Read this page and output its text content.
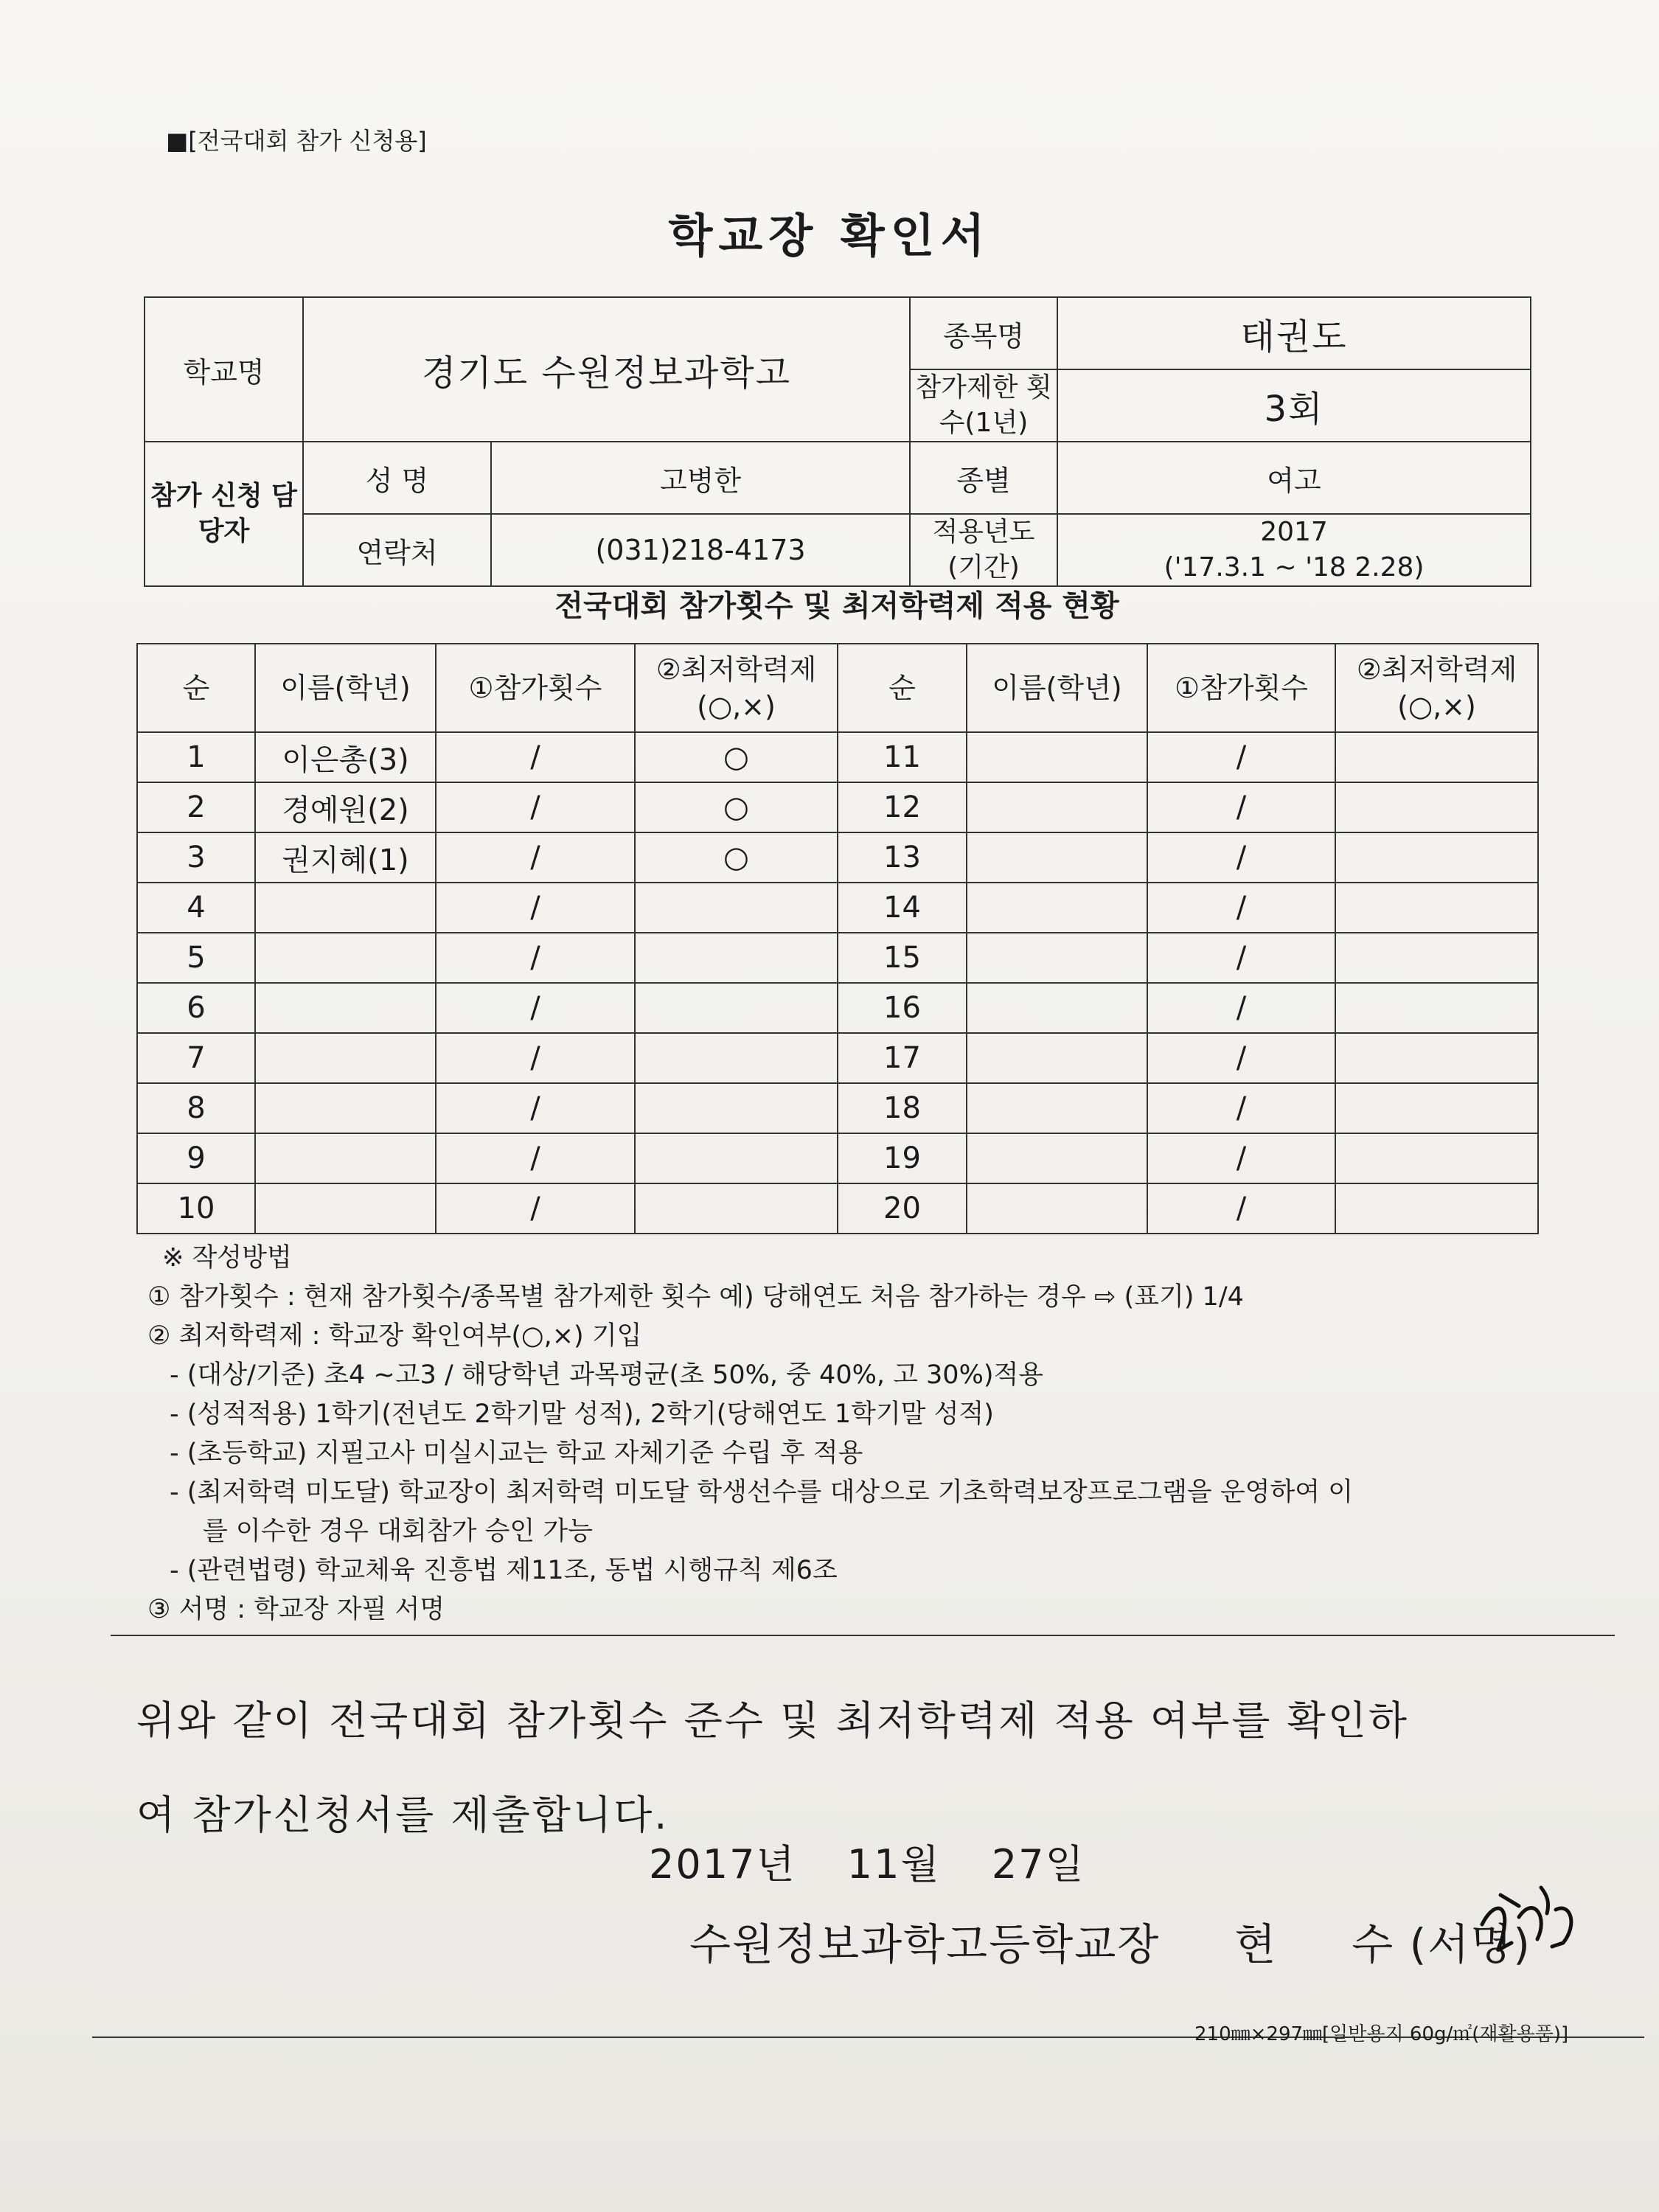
■[전국대회 참가 신청용]
학교장 확인서
학교명	경기도 수원정보과학고		종목명	태권도
			참가제한 횟수(1년)	3회
참가 신청 담당자	성 명	고병한	종별	여고
	연락처	(031)218-4173	적용년도 (기간)	2017
('17.3.1 ~ '18 2.28)
전국대회 참가횟수 및 최저학력제 적용 현황
순	이름(학년)	①참가횟수	②최저학력제 (○,×)	순	이름(학년)	①참가횟수	②최저학력제 (○,×)
1	이은총(3)	/	○	11		/	
2	경예원(2)	/	○	12		/	
3	권지혜(1)	/	○	13		/	
4		/		14		/	
5		/		15		/	
6		/		16		/	
7		/		17		/	
8		/		18		/	
9		/		19		/	
10		/		20		/	
※ 작성방법
① 참가횟수 : 현재 참가횟수/종목별 참가제한 횟수 예) 당해연도 처음 참가하는 경우 ⇨ (표기) 1/4
② 최저학력제 : 학교장 확인여부(○,×) 기입
- (대상/기준) 초4 ~고3 / 해당학년 과목평균(초 50%, 중 40%, 고 30%)적용
- (성적적용) 1학기(전년도 2학기말 성적), 2학기(당해연도 1학기말 성적)
- (초등학교) 지필고사 미실시교는 학교 자체기준 수립 후 적용
- (최저학력 미도달) 학교장이 최저학력 미도달 학생선수를 대상으로 기초학력보장프로그램을 운영하여 이
를 이수한 경우 대회참가 승인 가능
- (관련법령) 학교체육 진흥법 제11조, 동법 시행규칙 제6조
③ 서명 : 학교장 자필 서명
위와 같이 전국대회 참가횟수 준수 및 최저학력제 적용 여부를 확인하
여 참가신청서를 제출합니다.
2017년 11월 27일
수원정보과학고등학교장 현 수 (서명)
210㎜×297㎜[일반용지 60g/㎡(재활용품)]
